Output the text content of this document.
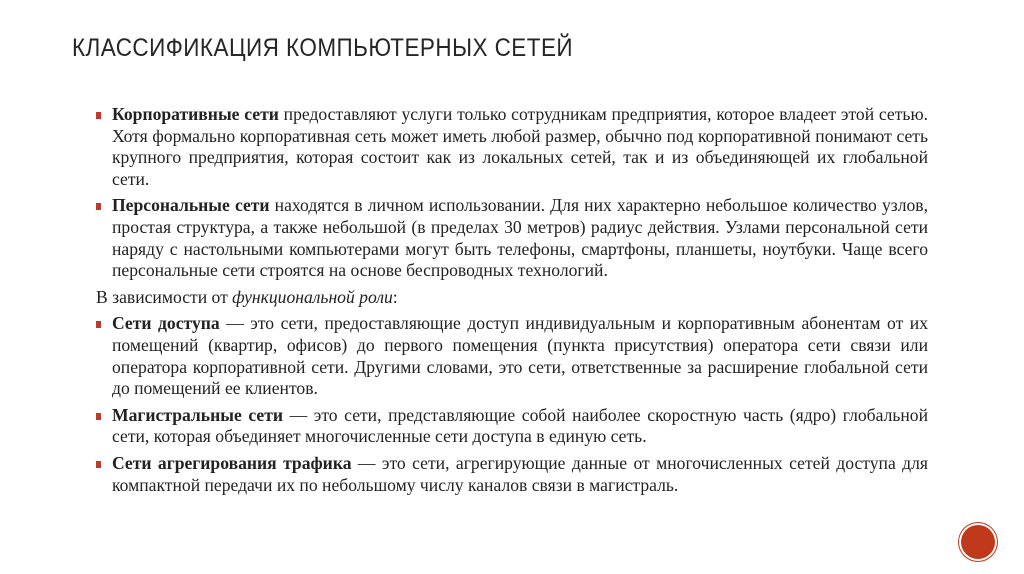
КЛАССИФИКАЦИЯ КОМПЬЮТЕРНЫХ СЕТЕЙ
Корпоративные сети предоставляют услуги только сотрудникам предприятия, которое владеет этой сетью. Хотя формально корпоративная сеть может иметь любой размер, обычно под корпоративной понимают сеть крупного предприятия, которая состоит как из локальных сетей, так и из объединяющей их глобальной сети.
Персональные сети находятся в личном использовании. Для них характерно небольшое количество узлов, простая структура, а также небольшой (в пределах 30 метров) радиус действия. Узлами персональной сети наряду с настольными компьютерами могут быть телефоны, смартфоны, планшеты, ноутбуки. Чаще всего персональные сети строятся на основе беспроводных технологий.
В зависимости от функциональной роли:
Сети доступа — это сети, предоставляющие доступ индивидуальным и корпоративным абонентам от их помещений (квартир, офисов) до первого помещения (пункта присутствия) оператора сети связи или оператора корпоративной сети. Другими словами, это сети, ответственные за расширение глобальной сети до помещений ее клиентов.
Магистральные сети — это сети, представляющие собой наиболее скоростную часть (ядро) глобальной сети, которая объединяет многочисленные сети доступа в единую сеть.
Сети агрегирования трафика — это сети, агрегирующие данные от многочисленных сетей доступа для компактной передачи их по небольшому числу каналов связи в магистраль.
